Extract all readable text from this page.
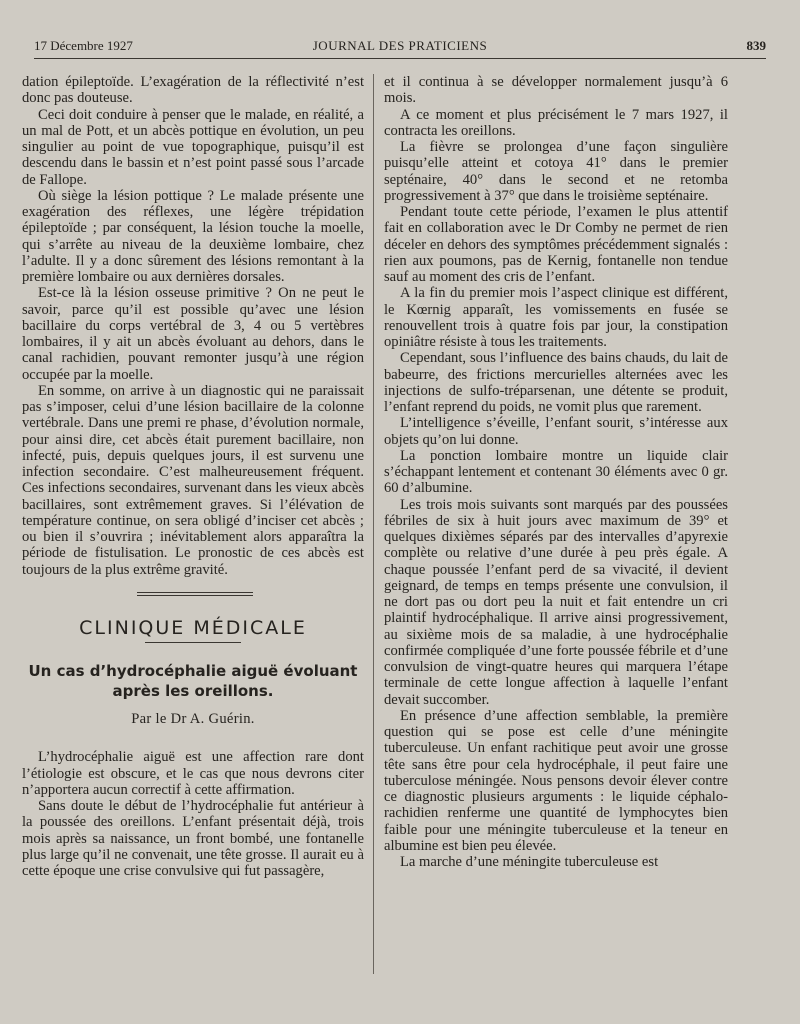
17 Décembre 1927	JOURNAL DES PRATICIENS	839

dation épileptoïde. L’exagération de la réflectivité n’est donc pas douteuse.

Ceci doit conduire à penser que le malade, en réalité, a un mal de Pott, et un abcès pottique en évolution, un peu singulier au point de vue topographique, puisqu’il est descendu dans le bassin et n’est point passé sous l’arcade de Fallope.

Où siège la lésion pottique ? Le malade présente une exagération des réflexes, une légère trépidation épileptoïde ; par conséquent, la lésion touche la moelle, qui s’arrête au niveau de la deuxième lombaire, chez l’adulte. Il y a donc sûrement des lésions remontant à la première lombaire ou aux dernières dorsales.

Est-ce là la lésion osseuse primitive ? On ne peut le savoir, parce qu’il est possible qu’avec une lésion bacillaire du corps vertébral de 3, 4 ou 5 vertèbres lombaires, il y ait un abcès évoluant au dehors, dans le canal rachidien, pouvant remonter jusqu’à une région occupée par la moelle.

En somme, on arrive à un diagnostic qui ne paraissait pas s’imposer, celui d’une lésion bacillaire de la colonne vertébrale. Dans une premi re phase, d’évolution normale, pour ainsi dire, cet abcès était purement bacillaire, non infecté, puis, depuis quelques jours, il est survenu une infection secondaire. C’est malheureusement fréquent. Ces infections secondaires, survenant dans les vieux abcès bacillaires, sont extrêmement graves. Si l’élévation de température continue, on sera obligé d’inciser cet abcès ; ou bien il s’ouvrira ; inévitablement alors apparaîtra la période de fistulisation. Le pronostic de ces abcès est toujours de la plus extrême gravité.

CLINIQUE MÉDICALE
Un cas d’hydrocéphalie aiguë évoluant
après les oreillons.
Par le Dr A. Guérin.

L’hydrocéphalie aiguë est une affection rare dont l’étiologie est obscure, et le cas que nous devrons citer n’apportera aucun correctif à cette affirmation.

Sans doute le début de l’hydrocéphalie fut antérieur à la poussée des oreillons. L’enfant présentait déjà, trois mois après sa naissance, un front bombé, une fontanelle plus large qu’il ne convenait, une tête grosse. Il aurait eu à cette époque une crise convulsive qui fut passagère,

et il continua à se développer normalement jusqu’à 6 mois.

A ce moment et plus précisément le 7 mars 1927, il contracta les oreillons.

La fièvre se prolongea d’une façon singulière puisqu’elle atteint et cotoya 41° dans le premier septénaire, 40° dans le second et ne retomba progressivement à 37° que dans le troisième septénaire.

Pendant toute cette période, l’examen le plus attentif fait en collaboration avec le Dr Comby ne permet de rien déceler en dehors des symptômes précédemment signalés : rien aux poumons, pas de Kernig, fontanelle non tendue sauf au moment des cris de l’enfant.

A la fin du premier mois l’aspect clinique est différent, le Kœrnig apparaît, les vomissements en fusée se renouvellent trois à quatre fois par jour, la constipation opiniâtre résiste à tous les traitements.

Cependant, sous l’influence des bains chauds, du lait de babeurre, des frictions mercurielles alternées avec les injections de sulfo-tréparsenan, une détente se produit, l’enfant reprend du poids, ne vomit plus que rarement.

L’intelligence s’éveille, l’enfant sourit, s’intéresse aux objets qu’on lui donne.

La ponction lombaire montre un liquide clair s’échappant lentement et contenant 30 éléments avec 0 gr. 60 d’albumine.

Les trois mois suivants sont marqués par des poussées fébriles de six à huit jours avec maximum de 39° et quelques dixièmes séparés par des intervalles d’apyrexie complète ou relative d’une durée à peu près égale. A chaque poussée l’enfant perd de sa vivacité, il devient geignard, de temps en temps présente une convulsion, il ne dort pas ou dort peu la nuit et fait entendre un cri plaintif hydrocéphalique. Il arrive ainsi progressivement, au sixième mois de sa maladie, à une hydrocéphalie confirmée compliquée d’une forte poussée fébrile et d’une convulsion de vingt-quatre heures qui marquera l’étape terminale de cette longue affection à laquelle l’enfant devait succomber.

En présence d’une affection semblable, la première question qui se pose est celle d’une méningite tuberculeuse. Un enfant rachitique peut avoir une grosse tête sans être pour cela hydrocéphale, il peut faire une tuberculose méningée. Nous pensons devoir élever contre ce diagnostic plusieurs arguments : le liquide céphalo-rachidien renferme une quantité de lymphocytes bien faible pour une méningite tuberculeuse et la teneur en albumine est bien peu élevée.

La marche d’une méningite tuberculeuse est
